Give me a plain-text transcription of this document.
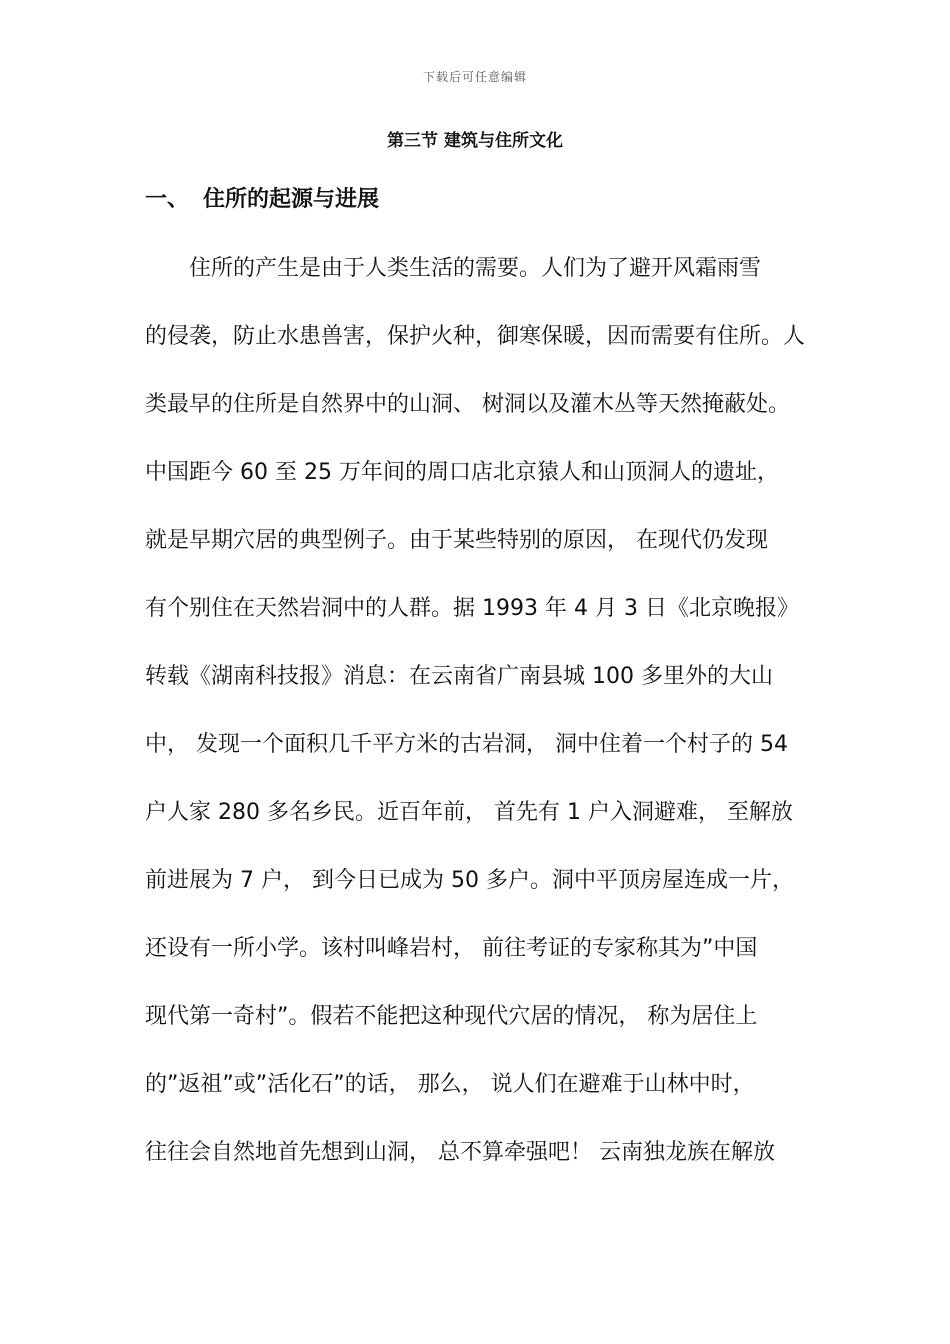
下载后可任意编辑
第三节 建筑与住所文化
一、 住所的起源与进展
住所的产生是由于人类生活的需要。人们为了避开风霜雨雪
的侵袭，防止水患兽害，保护火种，御寒保暖，因而需要有住所。人
类最早的住所是自然界中的山洞、 树洞以及灌木丛等天然掩蔽处。
中国距今 60 至 25 万年间的周口店北京猿人和山顶洞人的遗址，
就是早期穴居的典型例子。由于某些特别的原因， 在现代仍发现
有个别住在天然岩洞中的人群。据 1993 年 4 月 3 日《北京晚报》
转载《湖南科技报》消息：在云南省广南县城 100 多里外的大山
中， 发现一个面积几千平方米的古岩洞， 洞中住着一个村子的 54
户人家 280 多名乡民。近百年前， 首先有 1 户入洞避难， 至解放
前进展为 7 户， 到今日已成为 50 多户。洞中平顶房屋连成一片，
还设有一所小学。该村叫峰岩村， 前往考证的专家称其为”中国
现代第一奇村”。假若不能把这种现代穴居的情况， 称为居住上
的”返祖”或”活化石”的话， 那么， 说人们在避难于山林中时，
往往会自然地首先想到山洞， 总不算牵强吧！ 云南独龙族在解放
